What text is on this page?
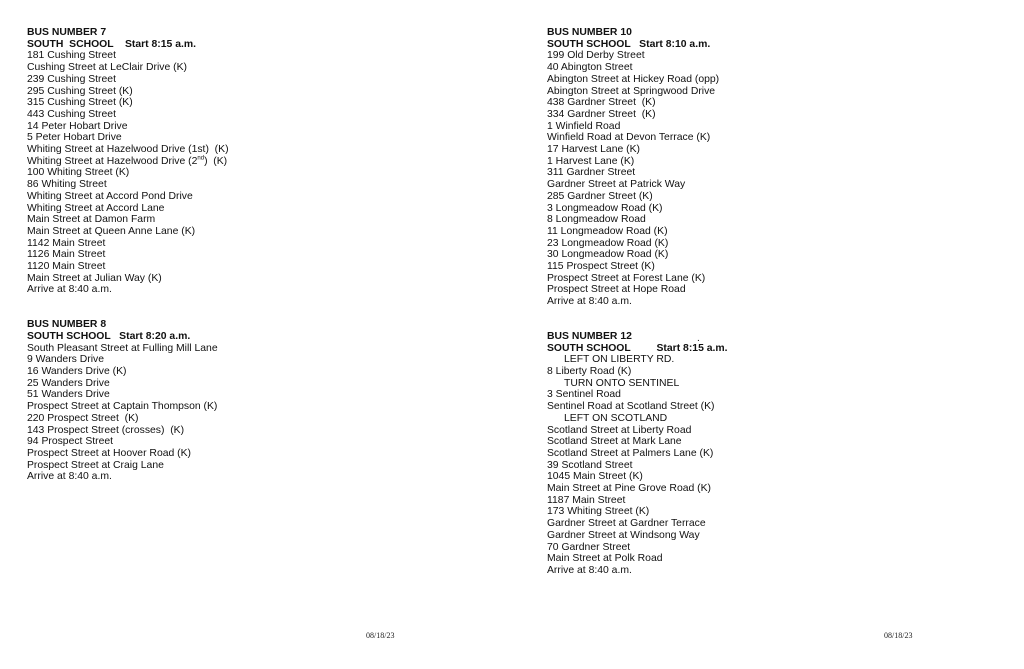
BUS NUMBER 7
SOUTH  SCHOOL    Start 8:15 a.m.
181 Cushing Street
Cushing Street at LeClair Drive (K)
239 Cushing Street
295 Cushing Street (K)
315 Cushing Street (K)
443 Cushing Street
14 Peter Hobart Drive
5 Peter Hobart Drive
Whiting Street at Hazelwood Drive (1st)  (K)
Whiting Street at Hazelwood Drive (2nd)  (K)
100 Whiting Street (K)
86 Whiting Street
Whiting Street at Accord Pond Drive
Whiting Street at Accord Lane
Main Street at Damon Farm
Main Street at Queen Anne Lane (K)
1142 Main Street
1126 Main Street
1120 Main Street
Main Street at Julian Way (K)
Arrive at 8:40 a.m.
BUS NUMBER 8
SOUTH SCHOOL   Start 8:20 a.m.
South Pleasant Street at Fulling Mill Lane
9 Wanders Drive
16 Wanders Drive (K)
25 Wanders Drive
51 Wanders Drive
Prospect Street at Captain Thompson (K)
220 Prospect Street  (K)
143 Prospect Street (crosses)  (K)
94 Prospect Street
Prospect Street at Hoover Road (K)
Prospect Street at Craig Lane
Arrive at 8:40 a.m.
BUS NUMBER 10
SOUTH SCHOOL   Start 8:10 a.m.
199 Old Derby Street
40 Abington Street
Abington Street at Hickey Road (opp)
Abington Street at Springwood Drive
438 Gardner Street  (K)
334 Gardner Street  (K)
1 Winfield Road
Winfield Road at Devon Terrace (K)
17 Harvest Lane (K)
1 Harvest Lane (K)
311 Gardner Street
Gardner Street at Patrick Way
285 Gardner Street (K)
3 Longmeadow Road (K)
8 Longmeadow Road
11 Longmeadow Road (K)
23 Longmeadow Road (K)
30 Longmeadow Road (K)
115 Prospect Street (K)
Prospect Street at Forest Lane (K)
Prospect Street at Hope Road
Arrive at 8:40 a.m.
BUS NUMBER 12
SOUTH SCHOOL         Start 8:15 a.m.
LEFT ON LIBERTY RD.
8 Liberty Road (K)
TURN ONTO SENTINEL
3 Sentinel Road
Sentinel Road at Scotland Street (K)
LEFT ON SCOTLAND
Scotland Street at Liberty Road
Scotland Street at Mark Lane
Scotland Street at Palmers Lane (K)
39 Scotland Street
1045 Main Street (K)
Main Street at Pine Grove Road (K)
1187 Main Street
173 Whiting Street (K)
Gardner Street at Gardner Terrace
Gardner Street at Windsong Way
70 Gardner Street
Main Street at Polk Road
Arrive at 8:40 a.m.
.
08/18/23	08/18/23
